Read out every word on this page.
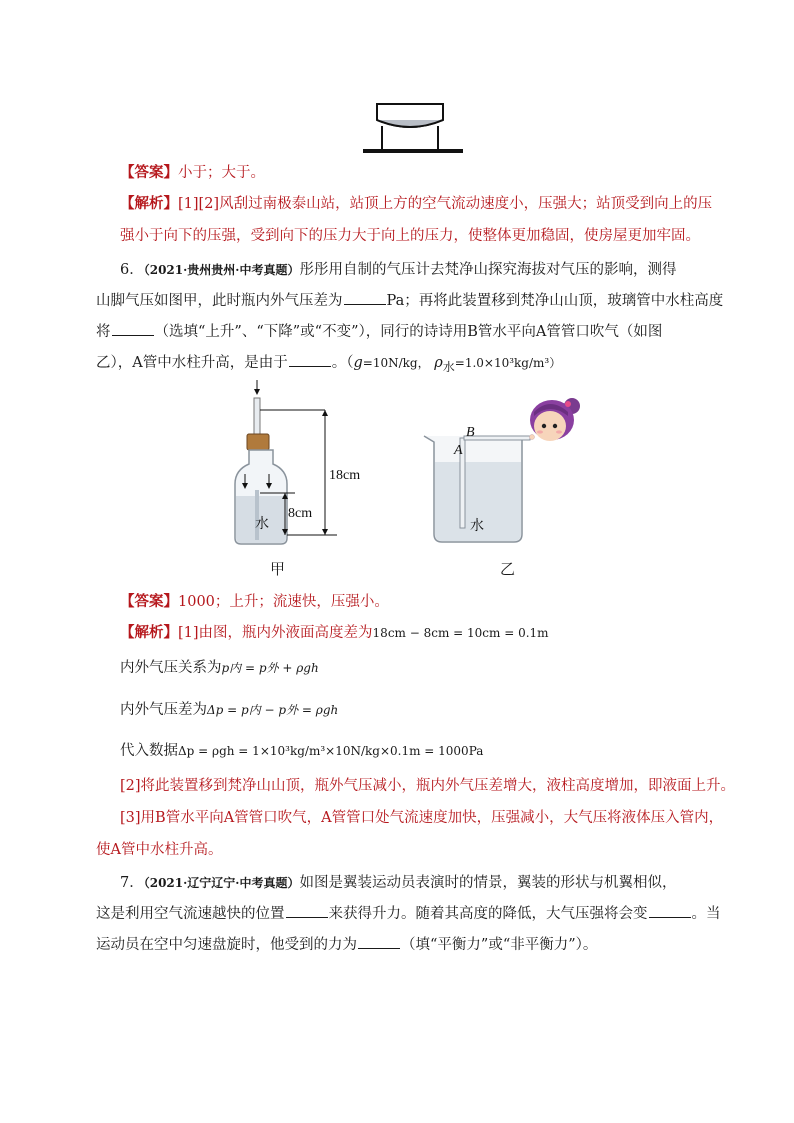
【答案】小于；大于。
【解析】[1][2]风刮过南极泰山站，站顶上方的空气流动速度小，压强大；站顶受到向上的压
强小于向下的压强，受到向下的压力大于向上的压力，使整体更加稳固，使房屋更加牢固。
6．（2021·贵州贵州·中考真题）彤彤用自制的气压计去梵净山探究海拔对气压的影响，测得
山脚气压如图甲，此时瓶内外气压差为	Pa；再将此装置移到梵净山山顶，玻璃管中水柱高度
将	（选填“上升”、“下降”或“不变”），同行的诗诗用B管水平向A管管口吹气（如图
乙），A管中水柱升高，是由于	。（g=10N/kg， $\rho_水=1.0\times 10^3kg/m^3$）
18cm
8cm
水
甲
A
B
水
乙
【答案】1000；上升；流速快，压强小。
【解析】[1]由图，瓶内外液面高度差为18cm − 8cm = 10cm = 0.1m
内外气压关系为p内 = p外 + ρgh
内外气压差为Δp = p内 − p外 = ρgh
代入数据Δp = ρgh = 1×10³kg/m³×10N/kg×0.1m = 1000Pa
[2]将此装置移到梵净山山顶，瓶外气压减小，瓶内外气压差增大，液柱高度增加，即液面上升。
[3]用B管水平向A管管口吹气，A管管口处气流速度加快，压强减小，大气压将液体压入管内，
使A管中水柱升高。
7．（2021·辽宁辽宁·中考真题）如图是翼装运动员表演时的情景，翼装的形状与机翼相似，
这是利用空气流速越快的位置	来获得升力。随着其高度的降低，大气压强将会变	。当
运动员在空中匀速盘旋时，他受到的力为	（填“平衡力”或“非平衡力”）。
